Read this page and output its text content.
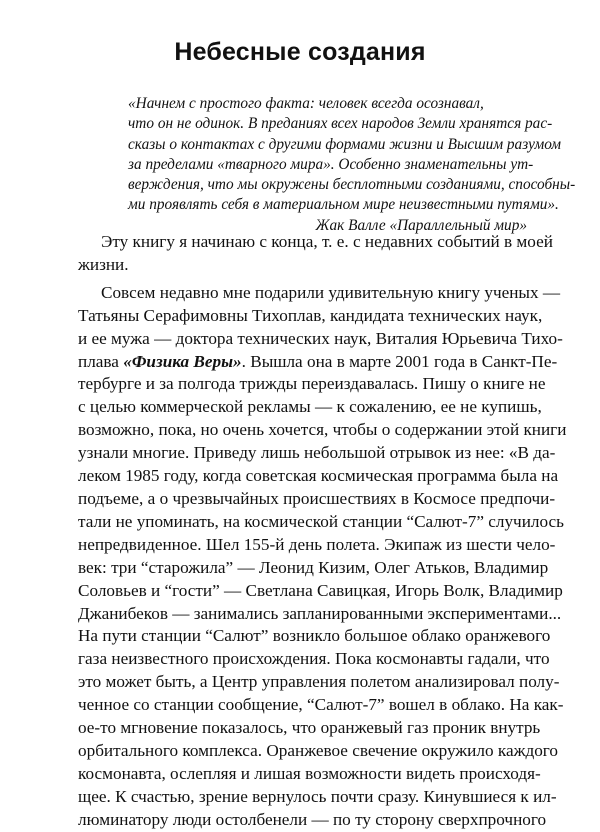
Небесные создания
«Начнем с простого факта: человек всегда осознавал,
что он не одинок. В преданиях всех народов Земли хранятся рас-
сказы о контактах с другими формами жизни и Высшим разумом
за пределами «тварного мира». Особенно знаменательны ут-
верждения, что мы окружены бесплотными созданиями, способны-
ми проявлять себя в материальном мире неизвестными путями».
Жак Валле «Параллельный мир»
Эту книгу я начинаю с конца, т. е. с недавних событий в моей
жизни.
Совсем недавно мне подарили удивительную книгу ученых —
Татьяны Серафимовны Тихоплав, кандидата технических наук,
и ее мужа — доктора технических наук, Виталия Юрьевича Тихо-
плава «Физика Веры». Вышла она в марте 2001 года в Санкт-Пе-
тербурге и за полгода трижды переиздавалась. Пишу о книге не
с целью коммерческой рекламы — к сожалению, ее не купишь,
возможно, пока, но очень хочется, чтобы о содержании этой книги
узнали многие. Приведу лишь небольшой отрывок из нее: «В да-
леком 1985 году, когда советская космическая программа была на
подъеме, а о чрезвычайных происшествиях в Космосе предпочи-
тали не упоминать, на космической станции “Салют-7” случилось
непредвиденное. Шел 155-й день полета. Экипаж из шести чело-
век: три “старожила” — Леонид Кизим, Олег Атьков, Владимир
Соловьев и “гости” — Светлана Савицкая, Игорь Волк, Владимир
Джанибеков — занимались запланированными экспериментами...
На пути станции “Салют” возникло большое облако оранжевого
газа неизвестного происхождения. Пока космонавты гадали, что
это может быть, а Центр управления полетом анализировал полу-
ченное со станции сообщение, “Салют-7” вошел в облако. На как-
ое-то мгновение показалось, что оранжевый газ проник внутрь
орбитального комплекса. Оранжевое свечение окружило каждого
космонавта, ослепляя и лишая возможности видеть происходя-
щее. К счастью, зрение вернулось почти сразу. Кинувшиеся к ил-
люминатору люди остолбенели — по ту сторону сверхпрочного
